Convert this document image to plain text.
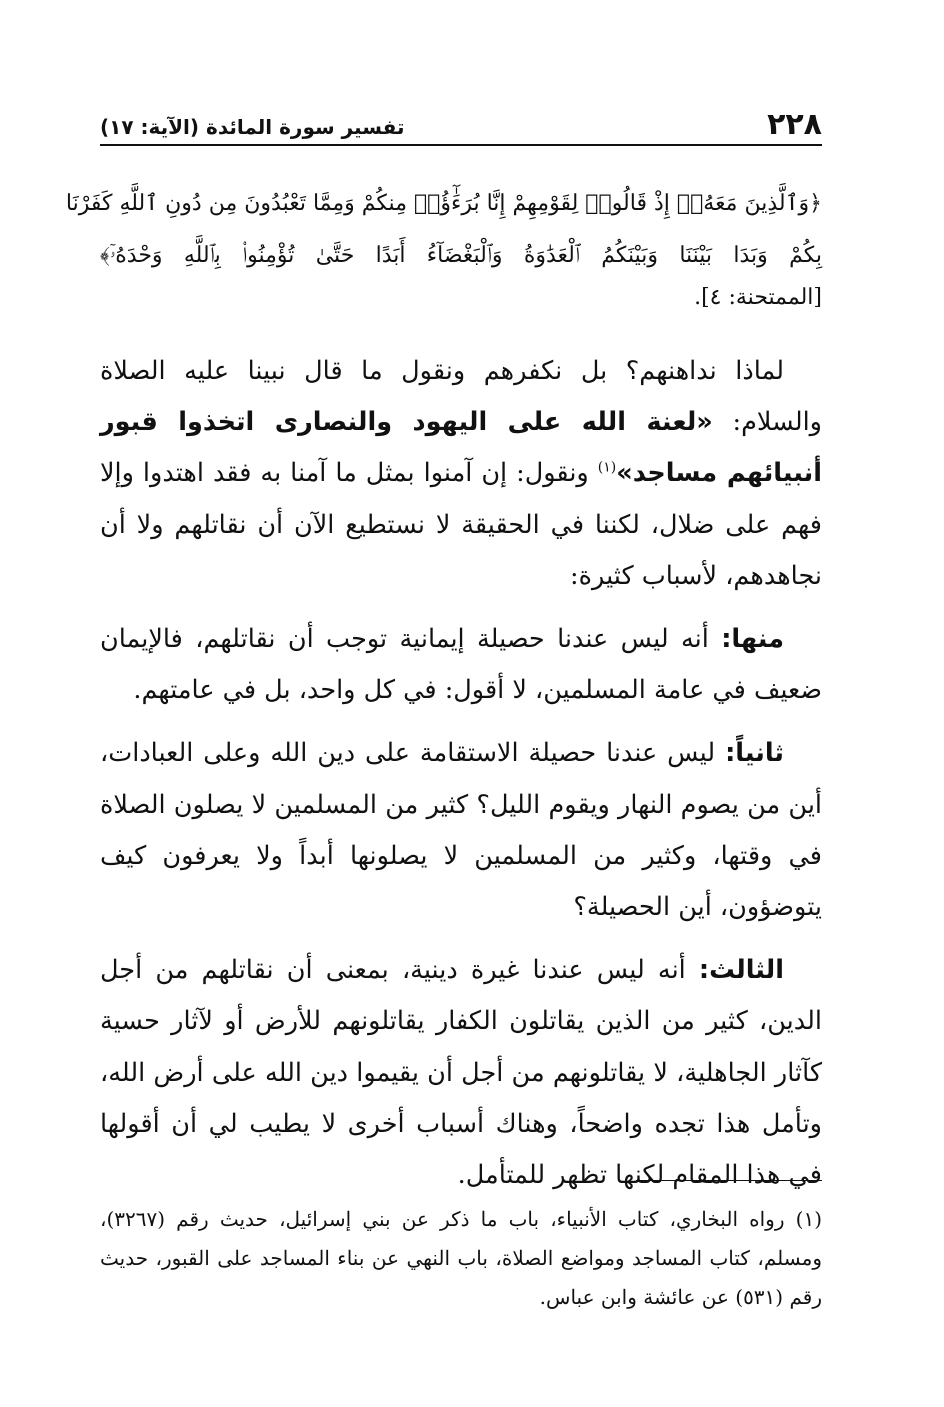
٢٢٨
تفسير سورة المائدة (الآية: ١٧)
﴿وَٱلَّذِينَ مَعَهُۥٓ إِذْ قَالُوا۟ لِقَوْمِهِمْ إِنَّا بُرَءَٰٓؤُا۟ مِنكُمْ وَمِمَّا تَعْبُدُونَ مِن دُونِ ٱللَّهِ كَفَرْنَا
بِكُمْ وَبَدَا بَيْنَنَا وَبَيْنَكُمُ ٱلْعَدَٰوَةُ وَٱلْبَغْضَآءُ أَبَدًا حَتَّىٰ تُؤْمِنُوا۟ بِٱللَّهِ وَحْدَهُۥٓ﴾
[الممتحنة: ٤].

لماذا نداهنهم؟ بل نكفرهم ونقول ما قال نبينا عليه الصلاة والسلام: «لعنة الله على اليهود والنصارى اتخذوا قبور أنبيائهم مساجد»$^{(١)}$ ونقول: إن آمنوا بمثل ما آمنا به فقد اهتدوا وإلا فهم على ضلال، لكننا في الحقيقة لا نستطيع الآن أن نقاتلهم ولا أن نجاهدهم، لأسباب كثيرة:

منها: أنه ليس عندنا حصيلة إيمانية توجب أن نقاتلهم، فالإيمان ضعيف في عامة المسلمين، لا أقول: في كل واحد، بل في عامتهم.

ثانياً: ليس عندنا حصيلة الاستقامة على دين الله وعلى العبادات، أين من يصوم النهار ويقوم الليل؟ كثير من المسلمين لا يصلون الصلاة في وقتها، وكثير من المسلمين لا يصلونها أبداً ولا يعرفون كيف يتوضؤون، أين الحصيلة؟

الثالث: أنه ليس عندنا غيرة دينية، بمعنى أن نقاتلهم من أجل الدين، كثير من الذين يقاتلون الكفار يقاتلونهم للأرض أو لآثار حسية كآثار الجاهلية، لا يقاتلونهم من أجل أن يقيموا دين الله على أرض الله، وتأمل هذا تجده واضحاً، وهناك أسباب أخرى لا يطيب لي أن أقولها في هذا المقام لكنها تظهر للمتأمل.

(١) رواه البخاري، كتاب الأنبياء، باب ما ذكر عن بني إسرائيل، حديث رقم (٣٢٦٧)، ومسلم، كتاب المساجد ومواضع الصلاة، باب النهي عن بناء المساجد على القبور، حديث رقم (٥٣١) عن عائشة وابن عباس.
